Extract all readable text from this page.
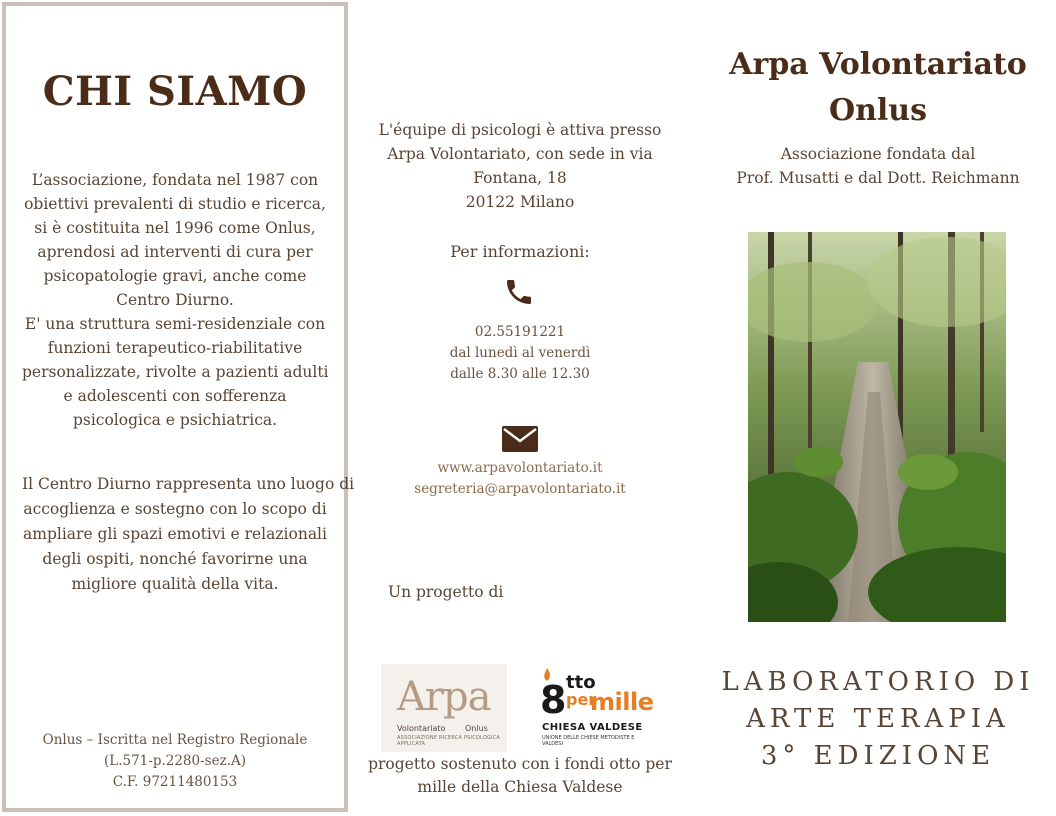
CHI SIAMO

L’associazione, fondata nel 1987 con
obiettivi prevalenti di studio e ricerca,
si è costituita nel 1996 come Onlus,
aprendosi ad interventi di cura per
psicopatologie gravi, anche come
Centro Diurno.
E' una struttura semi-residenziale con
funzioni terapeutico-riabilitative
personalizzate, rivolte a pazienti adulti
e adolescenti con sofferenza
psicologica e psichiatrica.

Il Centro Diurno rappresenta uno luogo di
accoglienza e sostegno con lo scopo di
ampliare gli spazi emotivi e relazionali
degli ospiti, nonché favorirne una
migliore qualità della vita.

Onlus – Iscritta nel Registro Regionale
(L.571-p.2280-sez.A)
C.F. 97211480153

L'équipe di psicologi è attiva presso
Arpa Volontariato, con sede in via
Fontana, 18
20122 Milano

Per informazioni:

02.55191221
dal lunedì al venerdì
dalle 8.30 alle 12.30

www.arpavolontariato.it
segreteria@arpavolontariato.it

Un progetto di

Arpa
Volontariato Onlus
ASSOCIAZIONE RICERCA PSICOLOGICA APPLICATA
8 tto
per
mille
CHIESA VALDESE
UNIONE DELLE CHIESE METODISTE E VALDESI

progetto sostenuto con i fondi otto per
mille della Chiesa Valdese

Arpa Volontariato
Onlus

Associazione fondata dal
Prof. Musatti e dal Dott. Reichmann

LABORATORIO DI
ARTE TERAPIA
3° EDIZIONE
